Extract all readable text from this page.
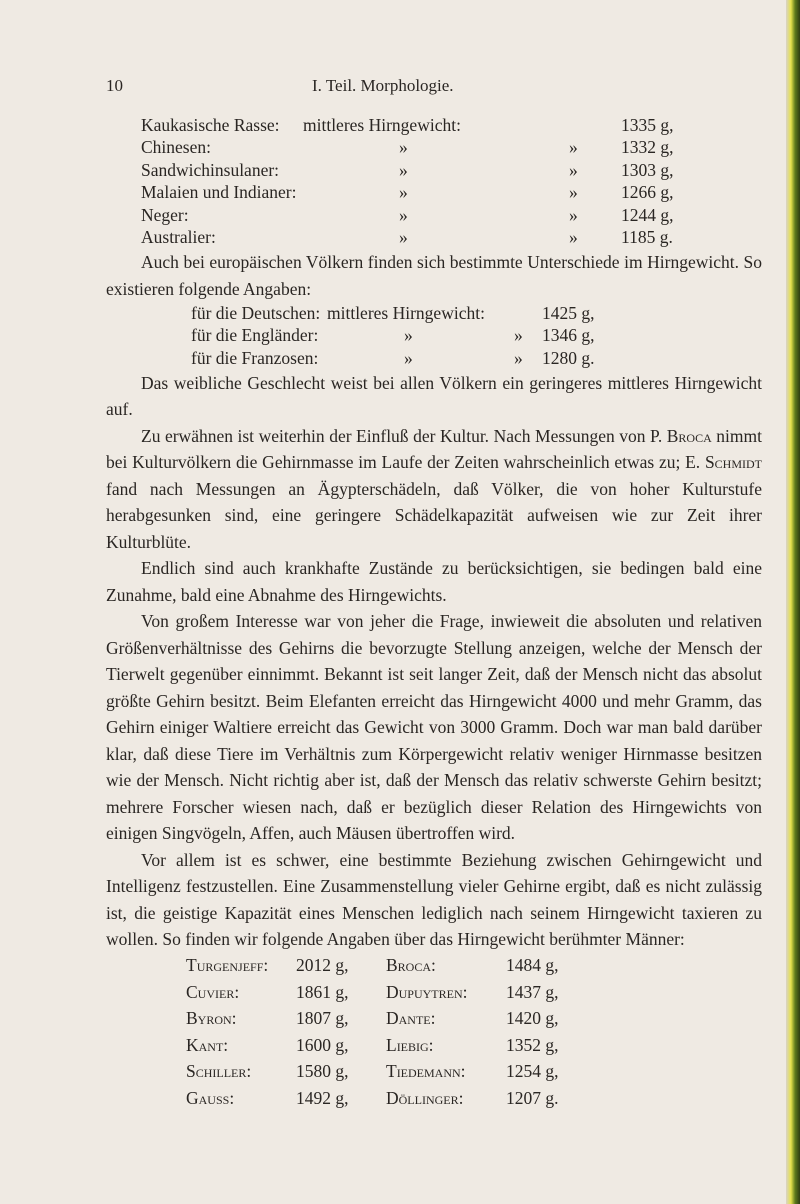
10	I. Teil. Morphologie.
Kaukasische Rasse:	mittleres Hirngewicht:		1335 g,
Chinesen:	»	»	1332 g,
Sandwichinsulaner:	»	»	1303 g,
Malaien und Indianer:	»	»	1266 g,
Neger:	»	»	1244 g,
Australier:	»	»	1185 g.

Auch bei europäischen Völkern finden sich bestimmte Unterschiede im Hirngewicht. So existieren folgende Angaben:

für die Deutschen:	mittleres Hirngewicht:		1425 g,
für die Engländer:	»	»	1346 g,
für die Franzosen:	»	»	1280 g.

Das weibliche Geschlecht weist bei allen Völkern ein geringeres mittleres Hirngewicht auf.

Zu erwähnen ist weiterhin der Einfluß der Kultur. Nach Messungen von P. Broca nimmt bei Kulturvölkern die Gehirnmasse im Laufe der Zeiten wahrscheinlich etwas zu; E. Schmidt fand nach Messungen an Ägypterschädeln, daß Völker, die von hoher Kulturstufe herabgesunken sind, eine geringere Schädelkapazität aufweisen wie zur Zeit ihrer Kulturblüte.

Endlich sind auch krankhafte Zustände zu berücksichtigen, sie bedingen bald eine Zunahme, bald eine Abnahme des Hirngewichts.

Von großem Interesse war von jeher die Frage, inwieweit die absoluten und relativen Größenverhältnisse des Gehirns die bevorzugte Stellung anzeigen, welche der Mensch der Tierwelt gegenüber einnimmt. Bekannt ist seit langer Zeit, daß der Mensch nicht das absolut größte Gehirn besitzt. Beim Elefanten erreicht das Hirngewicht 4000 und mehr Gramm, das Gehirn einiger Waltiere erreicht das Gewicht von 3000 Gramm. Doch war man bald darüber klar, daß diese Tiere im Verhältnis zum Körpergewicht relativ weniger Hirnmasse besitzen wie der Mensch. Nicht richtig aber ist, daß der Mensch das relativ schwerste Gehirn besitzt; mehrere Forscher wiesen nach, daß er bezüglich dieser Relation des Hirngewichts von einigen Singvögeln, Affen, auch Mäusen übertroffen wird.

Vor allem ist es schwer, eine bestimmte Beziehung zwischen Gehirngewicht und Intelligenz festzustellen. Eine Zusammenstellung vieler Gehirne ergibt, daß es nicht zulässig ist, die geistige Kapazität eines Menschen lediglich nach seinem Hirngewicht taxieren zu wollen. So finden wir folgende Angaben über das Hirngewicht berühmter Männer:

Turgenjeff:	2012 g,	Broca:	1484 g,
Cuvier:	1861 g,	Dupuytren:	1437 g,
Byron:	1807 g,	Dante:	1420 g,
Kant:	1600 g,	Liebig:	1352 g,
Schiller:	1580 g,	Tiedemann:	1254 g,
Gauss:	1492 g,	Döllinger:	1207 g.
